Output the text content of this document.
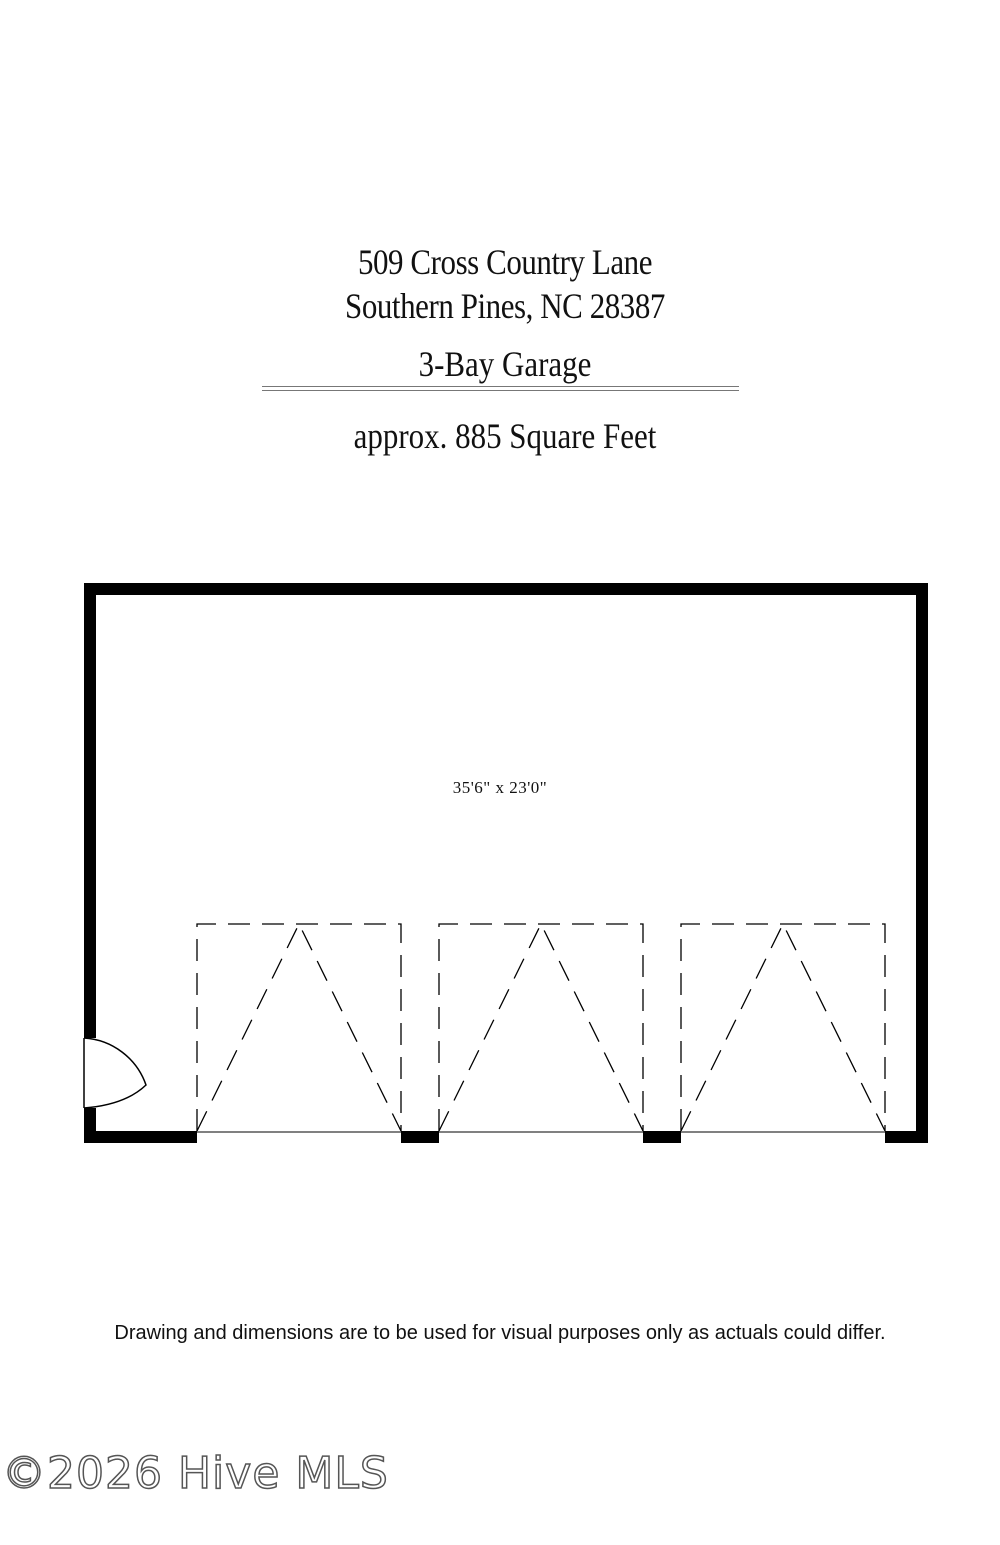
509 Cross Country Lane
Southern Pines, NC 28387
3-Bay Garage
approx. 885 Square Feet
35'6" x 23'0"
Drawing and dimensions are to be used for visual purposes only as actuals could differ.
©2026 Hive MLS
